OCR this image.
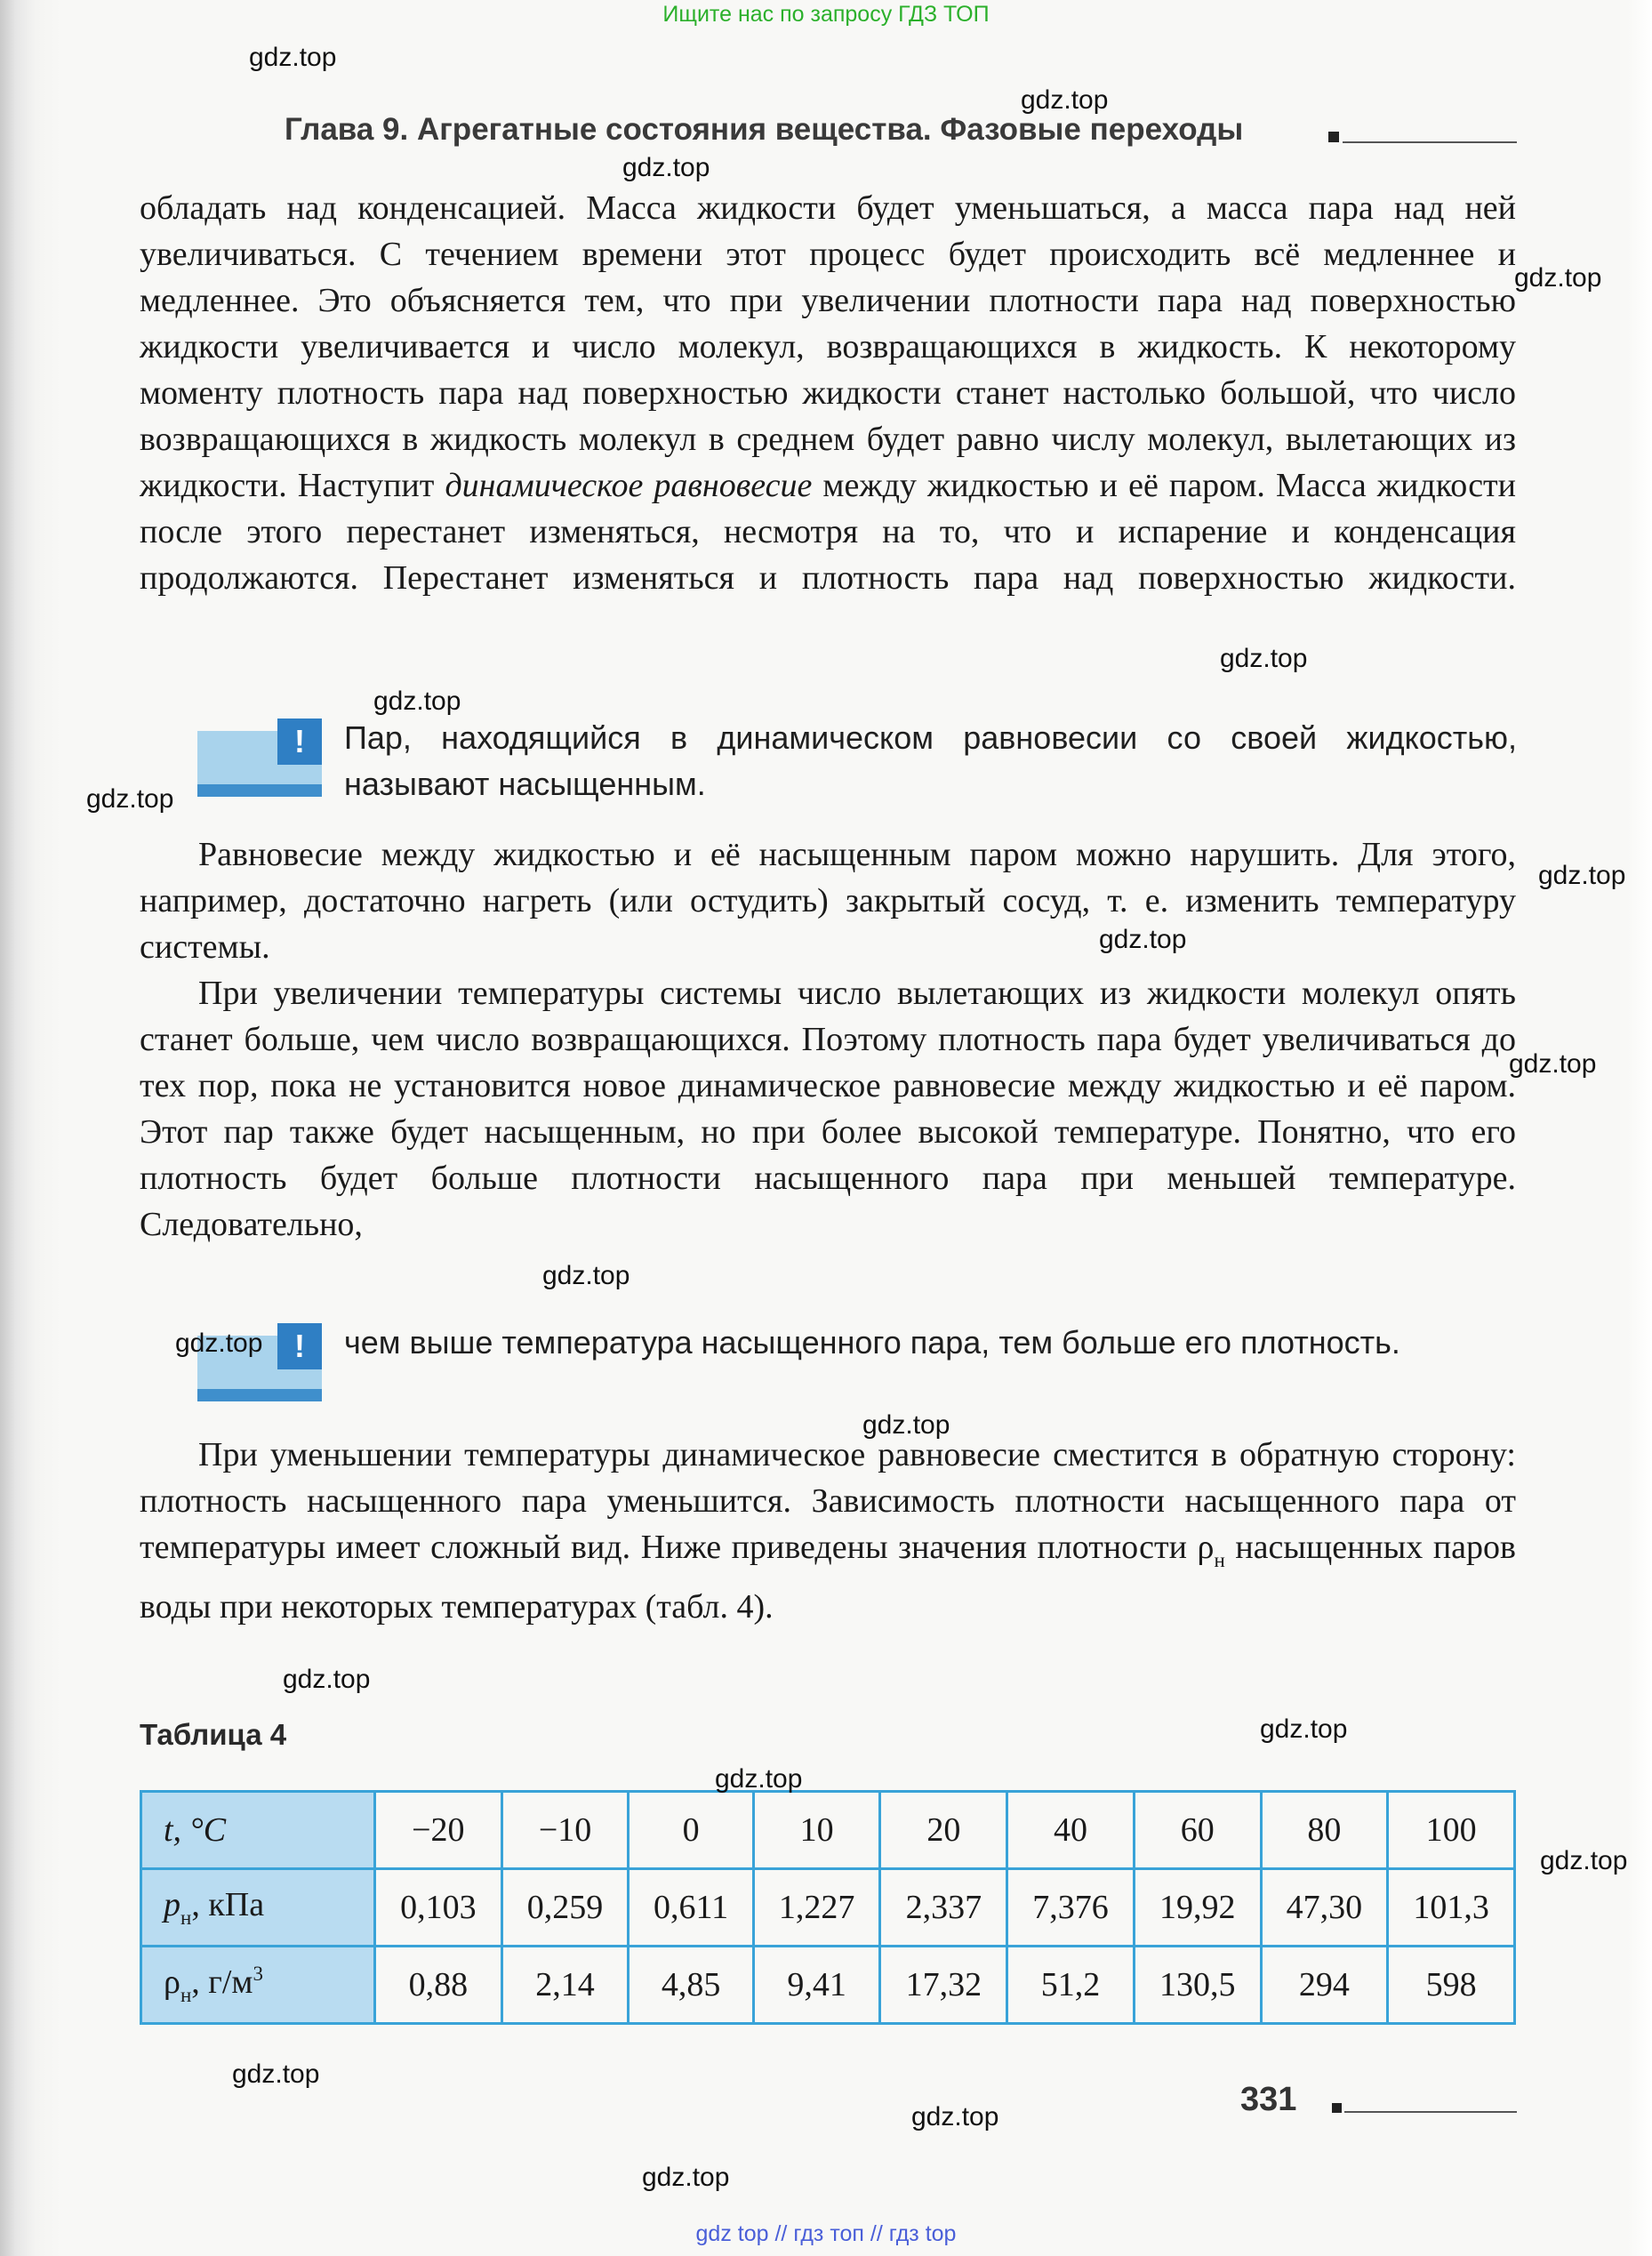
Ищите нас по запросу ГДЗ ТОП
Глава 9. Агрегатные состояния вещества. Фазовые переходы
обладать над конденсацией. Масса жидкости будет уменьшаться, а масса пара над ней увеличиваться. С течением времени этот процесс будет происходить всё медленнее и медленнее. Это объясняется тем, что при увеличении плотности пара над поверхностью жидкости увеличивается и число молекул, возвращающихся в жидкость. К некоторому моменту плотность пара над поверхностью жидкости станет настолько большой, что число возвращающихся в жидкость молекул в среднем будет равно числу молекул, вылетающих из жидкости. Наступит динамическое равновесие между жидкостью и её паром. Масса жидкости после этого перестанет изменяться, несмотря на то, что и испарение и конденсация продолжаются. Перестанет изменяться и плотность пара над поверхностью жидкости.
!	Пар, находящийся в динамическом равновесии со своей жидкостью, называют насыщенным.
Равновесие между жидкостью и её насыщенным паром можно нарушить. Для этого, например, достаточно нагреть (или остудить) закрытый сосуд, т. е. изменить температуру системы.
При увеличении температуры системы число вылетающих из жидкости молекул опять станет больше, чем число возвращающихся. Поэтому плотность пара будет увеличиваться до тех пор, пока не установится новое динамическое равновесие между жидкостью и её паром. Этот пар также будет насыщенным, но при более высокой температуре. Понятно, что его плотность будет больше плотности насыщенного пара при меньшей температуре. Следовательно,
!	чем выше температура насыщенного пара, тем больше его плотность.
При уменьшении температуры динамическое равновесие сместится в обратную сторону: плотность насыщенного пара уменьшится. Зависимость плотности насыщенного пара от температуры имеет сложный вид. Ниже приведены значения плотности $\rho_н$ насыщенных паров воды при некоторых температурах (табл. 4).
Таблица 4
t, °C	−20	−10	0	10	20	40	60	80	100
$p_н$, кПа	0,103	0,259	0,611	1,227	2,337	7,376	19,92	47,30	101,3
$\rho_н$, $г/м^3$	0,88	2,14	4,85	9,41	17,32	51,2	130,5	294	598
331
gdz.top
gdz.top
gdz.top
gdz.top
gdz.top
gdz.top
gdz.top
gdz.top
gdz.top
gdz.top
gdz.top
gdz.top
gdz.top
gdz.top
gdz.top
gdz.top
gdz.top
gdz.top
gdz.top
gdz.top
gdz top // гдз топ // гдз top
